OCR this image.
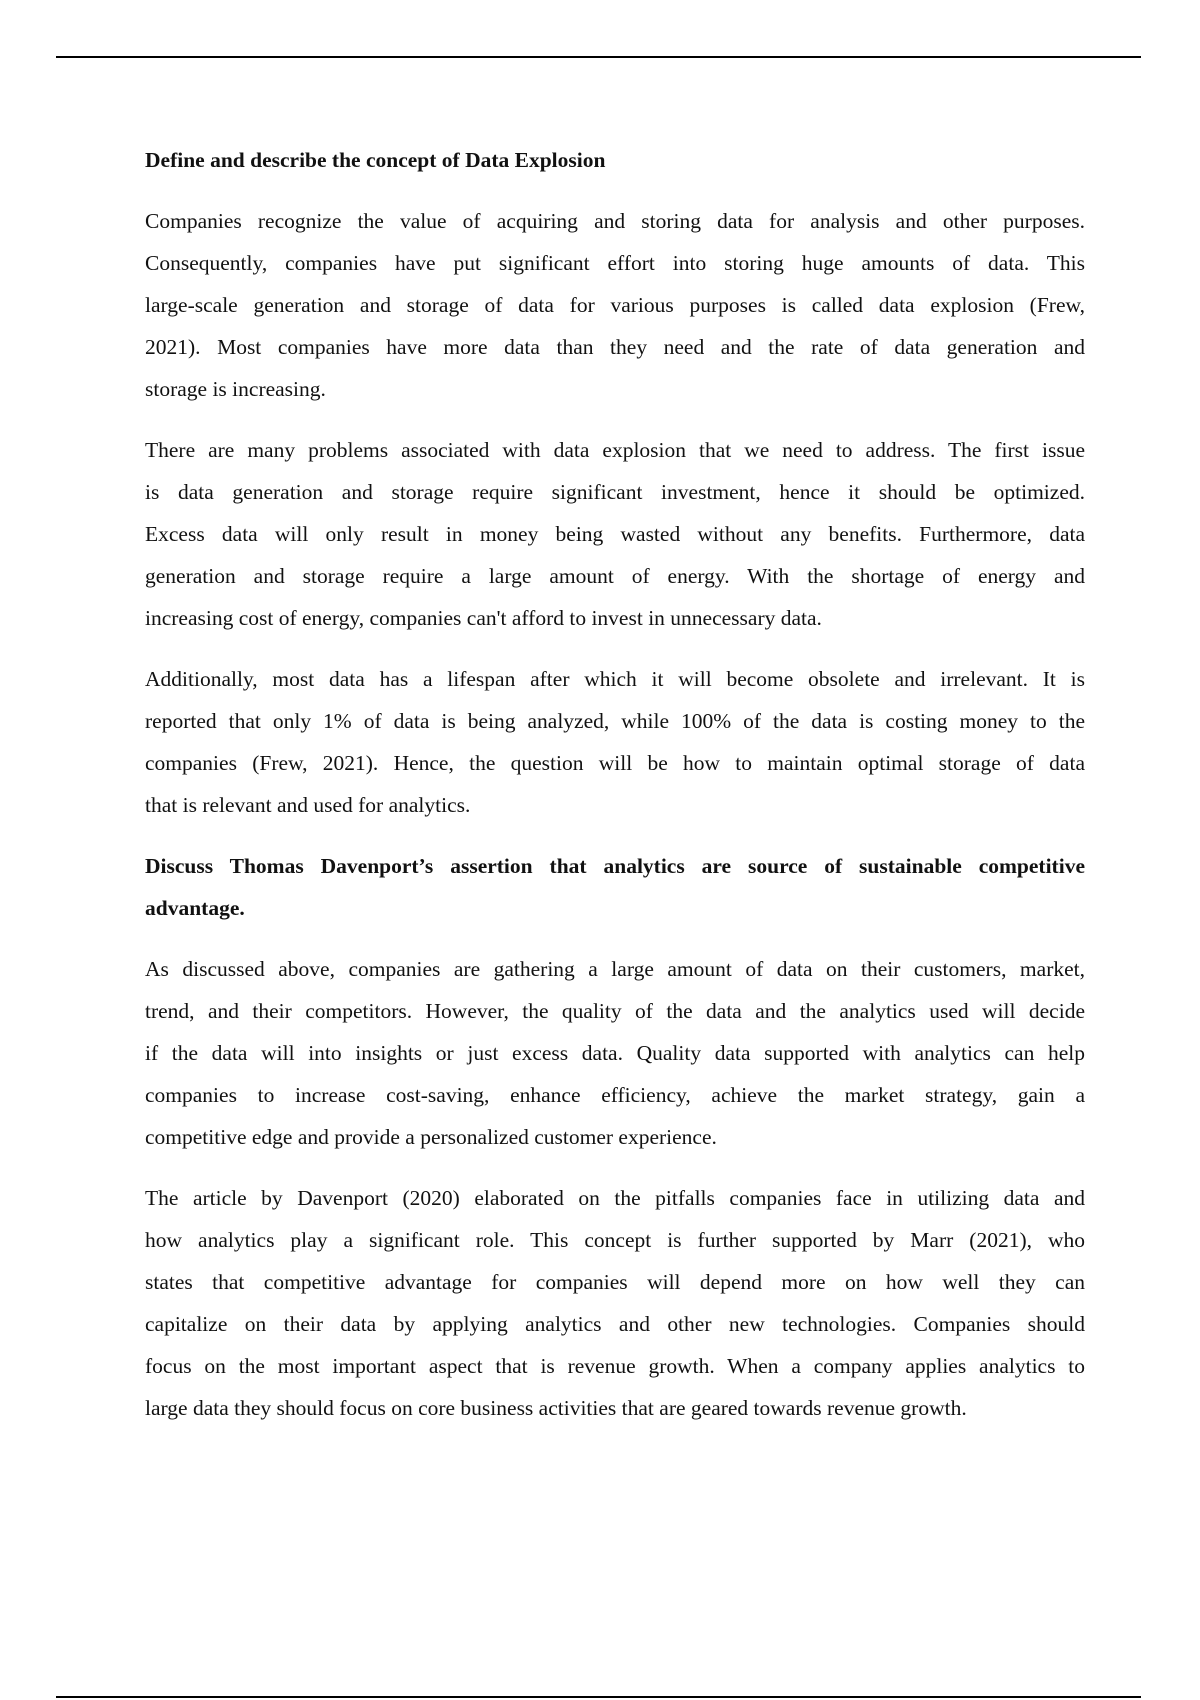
Define and describe the concept of Data Explosion
Companies recognize the value of acquiring and storing data for analysis and other purposes.
Consequently, companies have put significant effort into storing huge amounts of data. This
large-scale generation and storage of data for various purposes is called data explosion (Frew,
2021). Most companies have more data than they need and the rate of data generation and
storage is increasing.
There are many problems associated with data explosion that we need to address. The first issue
is data generation and storage require significant investment, hence it should be optimized.
Excess data will only result in money being wasted without any benefits. Furthermore, data
generation and storage require a large amount of energy. With the shortage of energy and
increasing cost of energy, companies can't afford to invest in unnecessary data.
Additionally, most data has a lifespan after which it will become obsolete and irrelevant. It is
reported that only 1% of data is being analyzed, while 100% of the data is costing money to the
companies (Frew, 2021). Hence, the question will be how to maintain optimal storage of data
that is relevant and used for analytics.
Discuss Thomas Davenport’s assertion that analytics are source of sustainable competitive
advantage.
As discussed above, companies are gathering a large amount of data on their customers, market,
trend, and their competitors. However, the quality of the data and the analytics used will decide
if the data will into insights or just excess data. Quality data supported with analytics can help
companies to increase cost-saving, enhance efficiency, achieve the market strategy, gain a
competitive edge and provide a personalized customer experience.
The article by Davenport (2020) elaborated on the pitfalls companies face in utilizing data and
how analytics play a significant role. This concept is further supported by Marr (2021), who
states that competitive advantage for companies will depend more on how well they can
capitalize on their data by applying analytics and other new technologies. Companies should
focus on the most important aspect that is revenue growth. When a company applies analytics to
large data they should focus on core business activities that are geared towards revenue growth.
